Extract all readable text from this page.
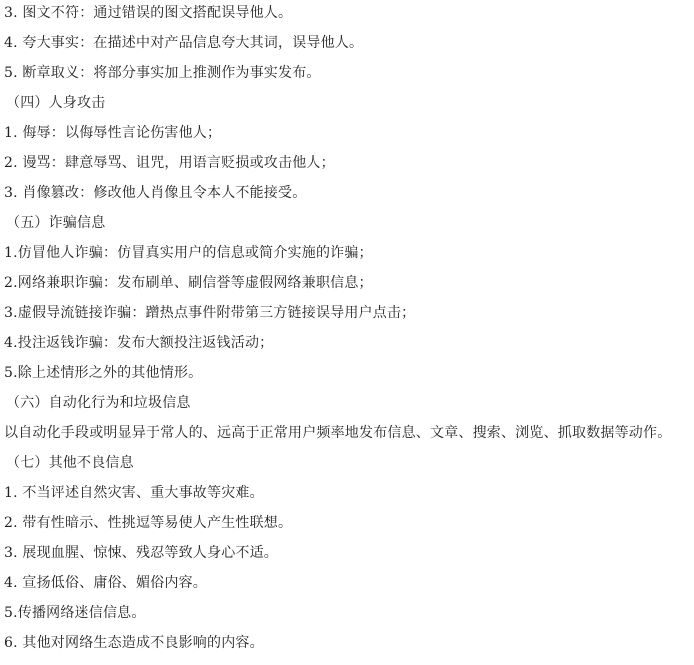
3. 图文不符：通过错误的图文搭配误导他人。
4. 夸大事实：在描述中对产品信息夸大其词，误导他人。
5. 断章取义：将部分事实加上推测作为事实发布。
（四）人身攻击
1. 侮辱：以侮辱性言论伤害他人；
2. 谩骂：肆意辱骂、诅咒，用语言贬损或攻击他人；
3. 肖像篡改：修改他人肖像且令本人不能接受。
（五）诈骗信息
1.仿冒他人诈骗：仿冒真实用户的信息或简介实施的诈骗；
2.网络兼职诈骗：发布刷单、刷信誉等虚假网络兼职信息；
3.虚假导流链接诈骗：蹭热点事件附带第三方链接误导用户点击；
4.投注返钱诈骗：发布大额投注返钱活动；
5.除上述情形之外的其他情形。
（六）自动化行为和垃圾信息
以自动化手段或明显异于常人的、远高于正常用户频率地发布信息、文章、搜索、浏览、抓取数据等动作。
（七）其他不良信息
1. 不当评述自然灾害、重大事故等灾难。
2. 带有性暗示、性挑逗等易使人产生性联想。
3. 展现血腥、惊悚、残忍等致人身心不适。
4. 宣扬低俗、庸俗、媚俗内容。
5.传播网络迷信信息。
6. 其他对网络生态造成不良影响的内容。
